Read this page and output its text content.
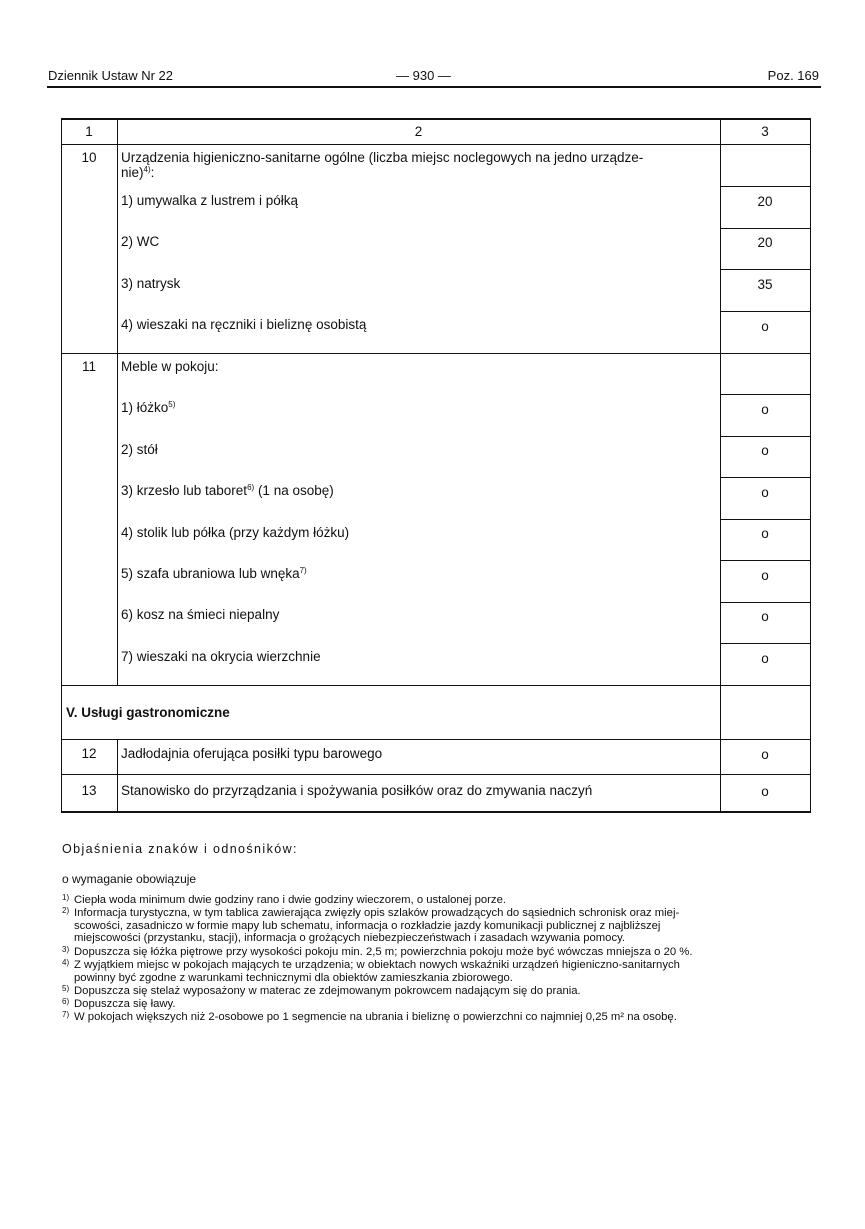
Dziennik Ustaw Nr 22	— 930 —	Poz. 169
1	2	3
10	Urządzenia higieniczno-sanitarne ogólne (liczba miejsc noclegowych na jedno urządze-
nie)$^{4)}$:
1) umywalka z lustrem i półką	20
2) WC	20
3) natrysk	35
4) wieszaki na ręczniki i bieliznę osobistą	o
11	Meble w pokoju:
1) łóżko$^{5)}$	o
2) stół	o
3) krzesło lub taboret$^{6)}$ (1 na osobę)	o
4) stolik lub półka (przy każdym łóżku)	o
5) szafa ubraniowa lub wnęka$^{7)}$	o
6) kosz na śmieci niepalny	o
7) wieszaki na okrycia wierzchnie	o
V. Usługi gastronomiczne
12	Jadłodajnia oferująca posiłki typu barowego	o
13	Stanowisko do przyrządzania i spożywania posiłków oraz do zmywania naczyń	o
Objaśnienia znaków i odnośników:
o wymaganie obowiązuje
1) Ciepła woda minimum dwie godziny rano i dwie godziny wieczorem, o ustalonej porze.
2) Informacja turystyczna, w tym tablica zawierająca zwięzły opis szlaków prowadzących do sąsiednich schronisk oraz miej-
scowości, zasadniczo w formie mapy lub schematu, informacja o rozkładzie jazdy komunikacji publicznej z najbliższej
miejscowości (przystanku, stacji), informacja o grożących niebezpieczeństwach i zasadach wzywania pomocy.
3) Dopuszcza się łóżka piętrowe przy wysokości pokoju min. 2,5 m; powierzchnia pokoju może być wówczas mniejsza o 20 %.
4) Z wyjątkiem miejsc w pokojach mających te urządzenia; w obiektach nowych wskaźniki urządzeń higieniczno-sanitarnych
powinny być zgodne z warunkami technicznymi dla obiektów zamieszkania zbiorowego.
5) Dopuszcza się stelaż wyposażony w materac ze zdejmowanym pokrowcem nadającym się do prania.
6) Dopuszcza się ławy.
7) W pokojach większych niż 2-osobowe po 1 segmencie na ubrania i bieliznę o powierzchni co najmniej 0,25 m² na osobę.
